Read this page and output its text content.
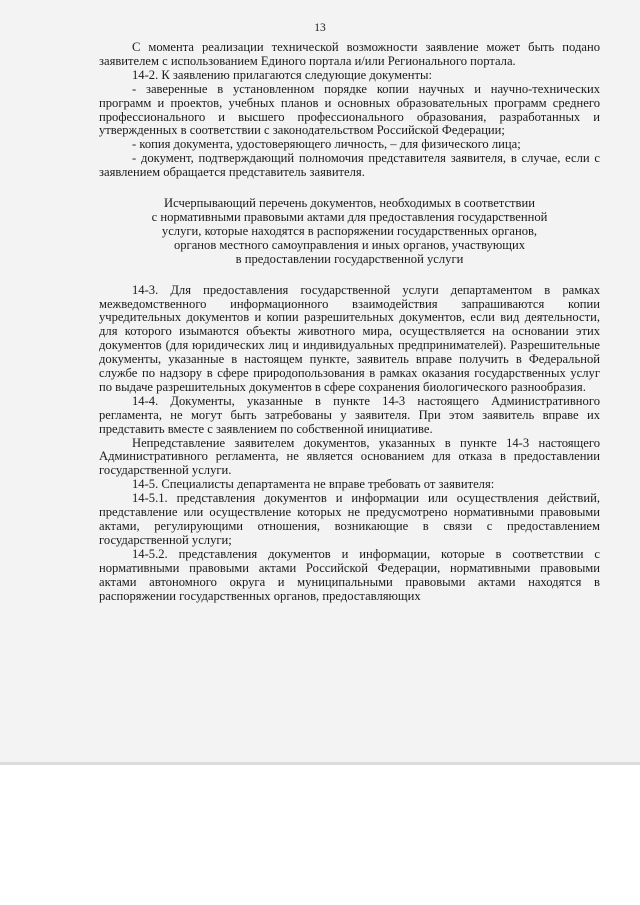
13

С момента реализации технической возможности заявление может быть подано заявителем с использованием Единого портала и/или Регионального портала.

14-2. К заявлению прилагаются следующие документы:

- заверенные в установленном порядке копии научных и научно-технических программ и проектов, учебных планов и основных образовательных программ среднего профессионального и высшего профессионального образования, разработанных и утвержденных в соответствии с законодательством Российской Федерации;

- копия документа, удостоверяющего личность, – для физического лица;

- документ, подтверждающий полномочия представителя заявителя, в случае, если с заявлением обращается представитель заявителя.

Исчерпывающий перечень документов, необходимых в соответствии
с нормативными правовыми актами для предоставления государственной
услуги, которые находятся в распоряжении государственных органов,
органов местного самоуправления и иных органов, участвующих
в предоставлении государственной услуги

14-3. Для предоставления государственной услуги департаментом в рамках межведомственного информационного взаимодействия запрашиваются копии учредительных документов и копии разрешительных документов, если вид деятельности, для которого изымаются объекты животного мира, осуществляется на основании этих документов (для юридических лиц и индивидуальных предпринимателей). Разрешительные документы, указанные в настоящем пункте, заявитель вправе получить в Федеральной службе по надзору в сфере природопользования в рамках оказания государственных услуг по выдаче разрешительных документов в сфере сохранения биологического разнообразия.

14-4. Документы, указанные в пункте 14-3 настоящего Административного регламента, не могут быть затребованы у заявителя. При этом заявитель вправе их представить вместе с заявлением по собственной инициативе.

Непредставление заявителем документов, указанных в пункте 14-3 настоящего Административного регламента, не является основанием для отказа в предоставлении государственной услуги.

14-5. Специалисты департамента не вправе требовать от заявителя:

14-5.1. представления документов и информации или осуществления действий, представление или осуществление которых не предусмотрено нормативными правовыми актами, регулирующими отношения, возникающие в связи с предоставлением государственной услуги;

14-5.2. представления документов и информации, которые в соответствии с нормативными правовыми актами Российской Федерации, нормативными правовыми актами автономного округа и муниципальными правовыми актами находятся в распоряжении государственных органов, предоставляющих
